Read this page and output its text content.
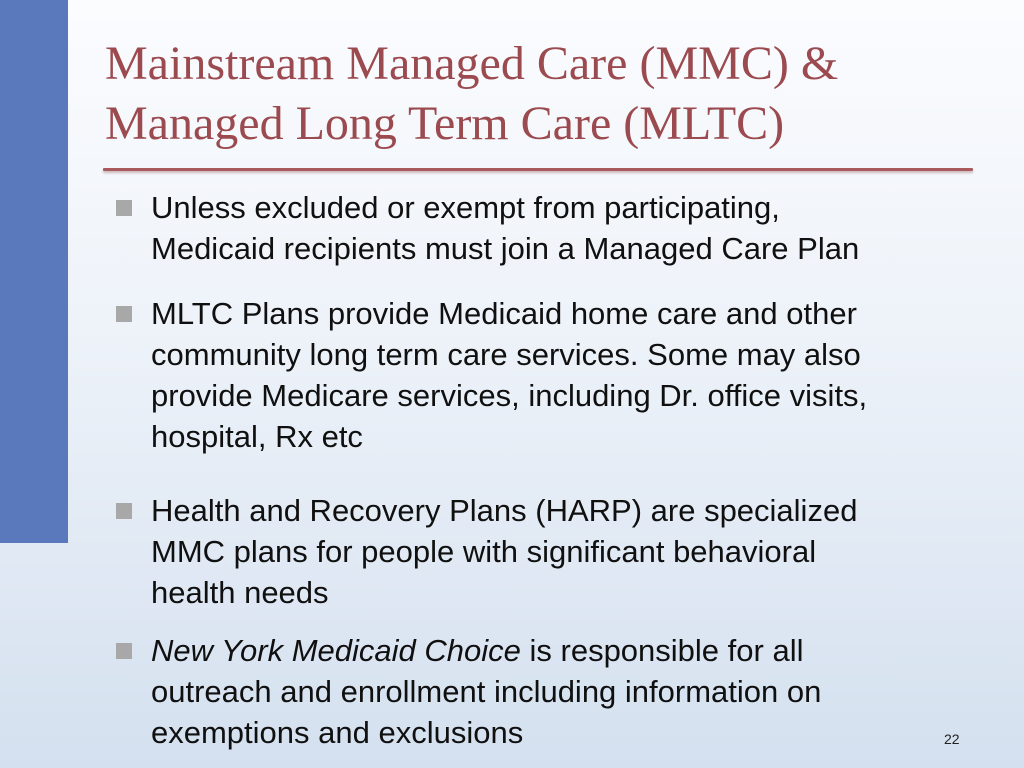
Mainstream Managed Care (MMC) &
Managed Long Term Care (MLTC)
Unless excluded or exempt from participating,
Medicaid recipients must join a Managed Care Plan
MLTC Plans provide Medicaid home care and other
community long term care services. Some may also
provide Medicare services, including Dr. office visits,
hospital, Rx etc
Health and Recovery Plans (HARP) are specialized
MMC plans for people with significant behavioral
health needs
New York Medicaid Choice is responsible for all
outreach and enrollment including information on
exemptions and exclusions	22
